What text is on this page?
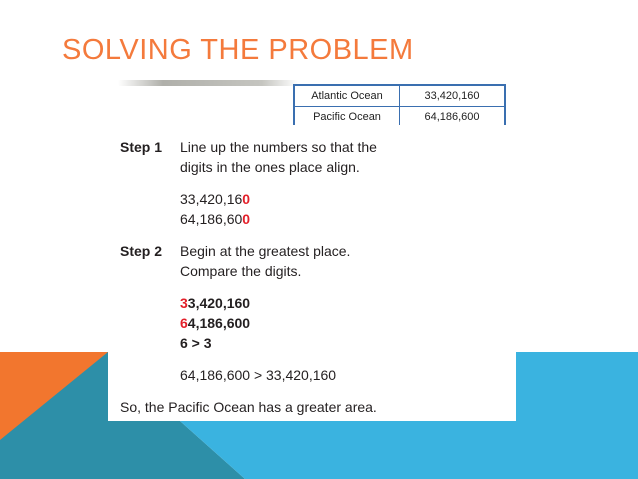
SOLVING THE PROBLEM
Atlantic Ocean	33,420,160
Pacific Ocean	64,186,600
Step 1 Line up the numbers so that the
digits in the ones place align.
33,420,160
64,186,600
Step 2 Begin at the greatest place.
Compare the digits.
33,420,160
64,186,600
6 > 3
64,186,600 > 33,420,160
So, the Pacific Ocean has a greater area.
